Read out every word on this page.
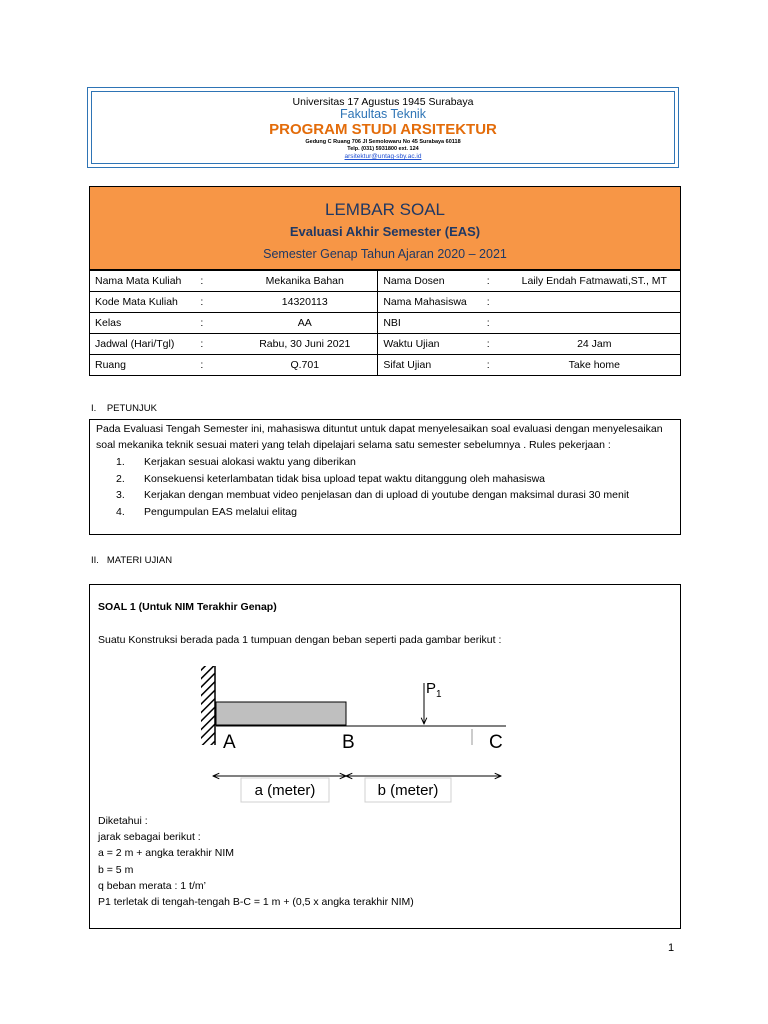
Universitas 17 Agustus 1945 Surabaya
Fakultas Teknik
PROGRAM STUDI ARSITEKTUR
Gedung C Ruang 706 Jl Semolowaru No 45 Surabaya 60118
Telp. (031) 5931800 ext. 124
arsitektur@untag-sby.ac.id
LEMBAR SOAL
Evaluasi Akhir Semester (EAS)
Semester Genap Tahun Ajaran 2020 – 2021
Nama Mata Kuliah	:	Mekanika Bahan	Nama Dosen	:	Laily Endah Fatmawati,ST., MT
Kode Mata Kuliah	:	14320113	Nama Mahasiswa	:	
Kelas	:	AA	NBI	:	
Jadwal (Hari/Tgl)	:	Rabu, 30 Juni 2021	Waktu Ujian	:	24 Jam
Ruang	:	Q.701	Sifat Ujian	:	Take home
I.    PETUNJUK
Pada Evaluasi Tengah Semester ini, mahasiswa dituntut untuk dapat menyelesaikan soal evaluasi dengan menyelesaikan soal mekanika teknik sesuai materi yang telah dipelajari selama satu semester sebelumnya . Rules pekerjaan :
1. Kerjakan sesuai alokasi waktu yang diberikan
2. Konsekuensi keterlambatan tidak bisa upload tepat waktu ditanggung oleh mahasiswa
3. Kerjakan dengan membuat video penjelasan dan di upload di youtube dengan maksimal durasi 30 menit
4. Pengumpulan EAS melalui elitag
II.   MATERI UJIAN
SOAL 1 (Untuk NIM Terakhir Genap)
Suatu Konstruksi berada pada 1 tumpuan dengan beban seperti pada gambar berikut :
$P_1$
A	B	C
a (meter)	b (meter)
Diketahui :
jarak sebagai berikut :
a = 2 m + angka terakhir NIM
b = 5 m
q beban merata : 1 t/m’
P1 terletak di tengah-tengah B-C = 1 m + (0,5 x angka terakhir NIM)
1
